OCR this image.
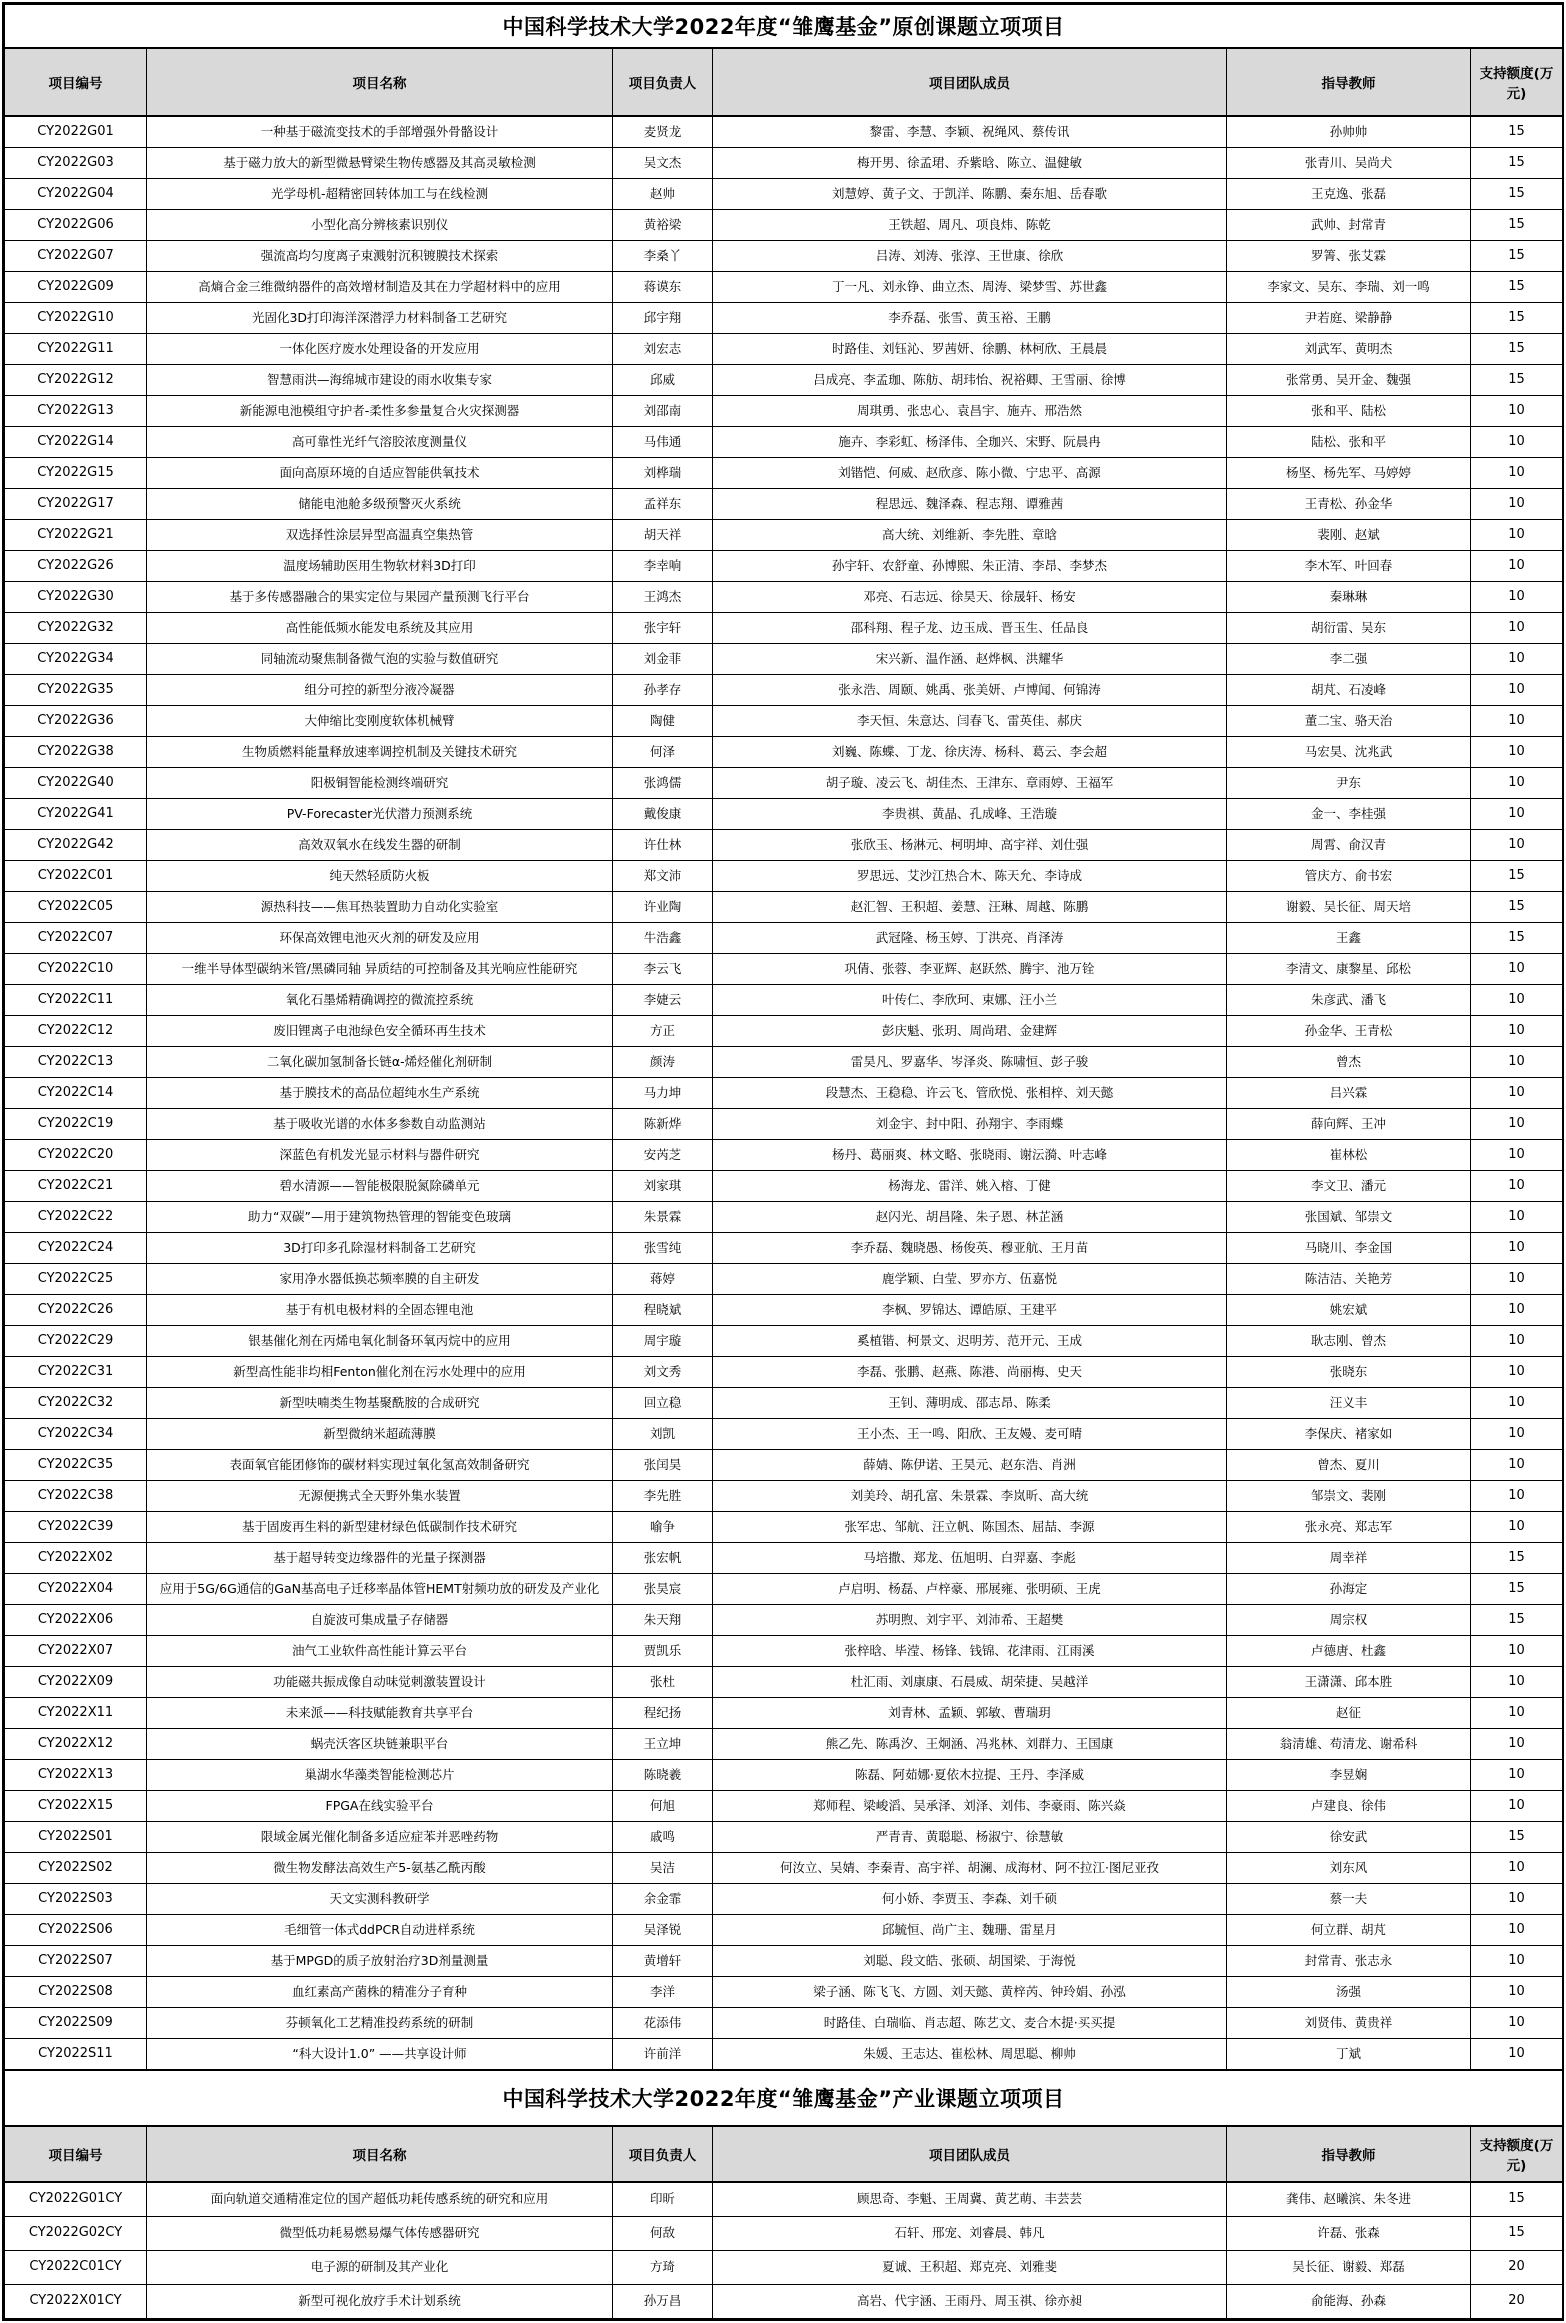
中国科学技术大学2022年度“雏鹰基金”原创课题立项项目					
项目编号	项目名称	项目负责人	项目团队成员	指导教师	支持额度(万元)
CY2022G01	一种基于磁流变技术的手部增强外骨骼设计	麦贤龙	黎雷、李慧、李颖、祝绳风、蔡传讯	孙帅帅	15
CY2022G03	基于磁力放大的新型微悬臂梁生物传感器及其高灵敏检测	吴文杰	梅开男、徐孟珺、乔紫晗、陈立、温健敏	张青川、吴尚犬	15
CY2022G04	光学母机-超精密回转体加工与在线检测	赵帅	刘慧婷、黄子文、于凯洋、陈鹏、秦东旭、岳春歌	王克逸、张磊	15
CY2022G06	小型化高分辨核素识别仪	黄裕梁	王铁超、周凡、项良炜、陈乾	武帅、封常青	15
CY2022G07	强流高均匀度离子束溅射沉积镀膜技术探索	李桑丫	吕涛、刘涛、张淳、王世康、徐欣	罗箐、张艾霖	15
CY2022G09	高熵合金三维微纳器件的高效增材制造及其在力学超材料中的应用	蒋谟东	丁一凡、刘永铮、曲立杰、周涛、梁梦雪、苏世鑫	李家文、吴东、李瑞、刘一鸣	15
CY2022G10	光固化3D打印海洋深潜浮力材料制备工艺研究	邱宇翔	李乔磊、张雪、黄玉裕、王鹏	尹若庭、梁静静	15
CY2022G11	一体化医疗废水处理设备的开发应用	刘宏志	时路佳、刘钰沁、罗茜妍、徐鹏、林柯欣、王晨晨	刘武军、黄明杰	15
CY2022G12	智慧雨洪—海绵城市建设的雨水收集专家	邱威	吕成亮、李孟珈、陈舫、胡玮怡、祝裕卿、王雪丽、徐博	张常勇、吴开金、魏强	15
CY2022G13	新能源电池模组守护者-柔性多参量复合火灾探测器	刘邵南	周琪勇、张忠心、袁昌宇、施卉、邢浩然	张和平、陆松	10
CY2022G14	高可靠性光纤气溶胶浓度测量仪	马伟通	施卉、李彩虹、杨泽伟、全珈兴、宋野、阮晨冉	陆松、张和平	10
CY2022G15	面向高原环境的自适应智能供氧技术	刘桦瑞	刘锴恺、何威、赵欣彦、陈小微、宁忠平、高源	杨坚、杨先军、马婷婷	10
CY2022G17	储能电池舱多级预警灭火系统	孟祥东	程思远、魏泽森、程志翔、谭雅茜	王青松、孙金华	10
CY2022G21	双选择性涂层异型高温真空集热管	胡天祥	高大统、刘维新、李先胜、章晗	裴刚、赵斌	10
CY2022G26	温度场辅助医用生物软材料3D打印	李幸响	孙宇轩、农舒童、孙博熙、朱正清、李昂、李梦杰	李木军、叶回春	10
CY2022G30	基于多传感器融合的果实定位与果园产量预测飞行平台	王鸿杰	邓亮、石志远、徐昊天、徐晟轩、杨安	秦琳琳	10
CY2022G32	高性能低频水能发电系统及其应用	张宇轩	邵科翔、程子龙、边玉成、晋玉生、任品良	胡衍雷、吴东	10
CY2022G34	同轴流动聚焦制备微气泡的实验与数值研究	刘金菲	宋兴新、温作涵、赵烨枫、洪耀华	李二强	10
CY2022G35	组分可控的新型分液冷凝器	孙孝存	张永浩、周颐、姚禹、张美妍、卢博闻、何锦涛	胡芃、石凌峰	10
CY2022G36	大伸缩比变刚度软体机械臂	陶健	李天恒、朱意达、闫春飞、雷英佳、郝庆	董二宝、骆天治	10
CY2022G38	生物质燃料能量释放速率调控机制及关键技术研究	何泽	刘巍、陈蝶、丁龙、徐庆涛、杨科、葛云、李会超	马宏昊、沈兆武	10
CY2022G40	阳极铜智能检测终端研究	张鸿儒	胡子璇、凌云飞、胡佳杰、王津东、章雨婷、王福军	尹东	10
CY2022G41	PV-Forecaster光伏潜力预测系统	戴俊康	李贵祺、黄晶、孔成峰、王浩璇	金一、李桂强	10
CY2022G42	高效双氧水在线发生器的研制	许仕林	张欣玉、杨淋元、柯明坤、高宇祥、刘仕强	周霄、俞汉青	10
CY2022C01	纯天然轻质防火板	郑文沛	罗思远、艾沙江热合木、陈天允、李诗成	管庆方、俞书宏	15
CY2022C05	源热科技——焦耳热装置助力自动化实验室	许业陶	赵汇智、王积超、姜慧、汪琳、周越、陈鹏	谢毅、吴长征、周天培	15
CY2022C07	环保高效锂电池灭火剂的研发及应用	牛浩鑫	武冠隆、杨玉婷、丁洪亮、肖泽涛	王鑫	15
CY2022C10	一维半导体型碳纳米管/黑磷同轴 异质结的可控制备及其光响应性能研究	李云飞	巩倩、张蓉、李亚辉、赵跃然、腾宇、池万铨	李清文、康黎星、邱松	10
CY2022C11	氧化石墨烯精确调控的微流控系统	李婕云	叶传仁、李欣珂、束娜、汪小兰	朱彦武、潘飞	10
CY2022C12	废旧锂离子电池绿色安全循环再生技术	方正	彭庆魁、张玥、周尚珺、金建辉	孙金华、王青松	10
CY2022C13	二氧化碳加氢制备长链α-烯烃催化剂研制	颜涛	雷昊凡、罗嘉华、岑泽炎、陈啸恒、彭子骏	曾杰	10
CY2022C14	基于膜技术的高品位超纯水生产系统	马力坤	段慧杰、王稳稳、许云飞、管欣悦、张相梓、刘天懿	吕兴霖	10
CY2022C19	基于吸收光谱的水体多参数自动监测站	陈新烨	刘金宇、封中阳、孙翔宇、李雨蝶	薛向辉、王冲	10
CY2022C20	深蓝色有机发光显示材料与器件研究	安芮芝	杨丹、葛丽爽、林文略、张晓雨、谢沄漪、叶志峰	崔林松	10
CY2022C21	碧水清源——智能极限脱氮除磷单元	刘家琪	杨海龙、雷洋、姚入榕、丁健	李文卫、潘元	10
CY2022C22	助力“双碳”—用于建筑物热管理的智能变色玻璃	朱景霖	赵闪光、胡昌隆、朱子恩、林芷涵	张国斌、邹崇文	10
CY2022C24	3D打印多孔除湿材料制备工艺研究	张雪纯	李乔磊、魏晓愚、杨俊英、穆亚航、王月苗	马晓川、李金国	10
CY2022C25	家用净水器低换芯频率膜的自主研发	蒋婷	鹿学颖、白莹、罗亦方、伍嘉悦	陈洁洁、关艳芳	10
CY2022C26	基于有机电极材料的全固态锂电池	程晓斌	李枫、罗锦达、谭皓原、王建平	姚宏斌	10
CY2022C29	银基催化剂在丙烯电氧化制备环氧丙烷中的应用	周宇璇	奚植锴、柯景文、迟明芳、范开元、王成	耿志刚、曾杰	10
CY2022C31	新型高性能非均相Fenton催化剂在污水处理中的应用	刘文秀	李磊、张鹏、赵燕、陈港、尚丽梅、史天	张晓东	10
CY2022C32	新型呋喃类生物基聚酰胺的合成研究	回立稳	王钊、薄明成、邵志昂、陈柔	汪义丰	10
CY2022C34	新型微纳米超疏薄膜	刘凯	王小杰、王一鸣、阳欣、王友嫚、麦可晴	李保庆、褚家如	10
CY2022C35	表面氧官能团修饰的碳材料实现过氧化氢高效制备研究	张闰昊	薛婧、陈伊诺、王昊元、赵东浩、肖洲	曾杰、夏川	10
CY2022C38	无源便携式全天野外集水装置	李先胜	刘美玲、胡孔富、朱景霖、李岚昕、高大统	邹崇文、裴刚	10
CY2022C39	基于固废再生料的新型建材绿色低碳制作技术研究	喻争	张军忠、邹航、汪立帆、陈国杰、屈喆、李源	张永亮、郑志军	10
CY2022X02	基于超导转变边缘器件的光量子探测器	张宏帆	马培撒、郑龙、伍旭明、白羿嘉、李彪	周幸祥	15
CY2022X04	应用于5G/6G通信的GaN基高电子迁移率晶体管HEMT射频功放的研发及产业化	张昊宸	卢启明、杨磊、卢梓豪、邢展雍、张明硕、王虎	孙海定	15
CY2022X06	自旋波可集成量子存储器	朱天翔	苏明煦、刘宇平、刘沛希、王超樊	周宗权	15
CY2022X07	油气工业软件高性能计算云平台	贾凯乐	张梓晗、毕滢、杨锋、钱锦、花津雨、江雨溪	卢德唐、杜鑫	10
CY2022X09	功能磁共振成像自动味觉刺激装置设计	张杜	杜汇雨、刘康康、石晨威、胡荣捷、吴越洋	王潇潇、邱本胜	10
CY2022X11	未来派——科技赋能教育共享平台	程纪扬	刘青林、孟颖、郭敏、曹瑞玥	赵征	10
CY2022X12	蜗壳沃客区块链兼职平台	王立坤	熊乙先、陈禹汐、王炯涵、冯兆林、刘群力、王国康	翁清雄、苟清龙、谢希科	10
CY2022X13	巢湖水华藻类智能检测芯片	陈晓羲	陈磊、阿茹娜·夏依木拉提、王丹、李泽威	李昱娴	10
CY2022X15	FPGA在线实验平台	何旭	郑师程、梁峻滔、吴承泽、刘泽、刘伟、李豪雨、陈兴焱	卢建良、徐伟	10
CY2022S01	限域金属光催化制备多适应症苯并恶唑药物	戚鸣	严青青、黄聪聪、杨淑宁、徐慧敏	徐安武	15
CY2022S02	微生物发酵法高效生产5-氨基乙酰丙酸	吴洁	何汝立、吴婧、李秦青、高宇祥、胡澜、成海材、阿不拉江·图尼亚孜	刘东风	10
CY2022S03	天文实测科教研学	余金霏	何小娇、李贾玉、李森、刘千硕	蔡一夫	10
CY2022S06	毛细管一体式ddPCR自动进样系统	吴泽锐	邱毓恒、尚广主、魏珊、雷星月	何立群、胡芃	10
CY2022S07	基于MPGD的质子放射治疗3D剂量测量	黄增轩	刘聪、段文皓、张硕、胡国梁、于海悦	封常青、张志永	10
CY2022S08	血红素高产菌株的精准分子育种	李洋	梁子涵、陈飞飞、方圆、刘天懿、黄梓芮、钟玲娟、孙泓	汤强	10
CY2022S09	芬顿氧化工艺精准投药系统的研制	花添伟	时路佳、白瑞临、肖志超、陈艺文、麦合木提·买买提	刘贤伟、黄贵祥	10
CY2022S11	“科大设计1.0” ——共享设计师	许前洋	朱媛、王志达、崔松林、周思聪、柳帅	丁斌	10
中国科学技术大学2022年度“雏鹰基金”产业课题立项项目					
项目编号	项目名称	项目负责人	项目团队成员	指导教师	支持额度(万元)
CY2022G01CY	面向轨道交通精准定位的国产超低功耗传感系统的研究和应用	印昕	顾思奇、李魁、王周冀、黄艺萌、丰芸芸	龚伟、赵曦滨、朱冬进	15
CY2022G02CY	微型低功耗易燃易爆气体传感器研究	何敌	石轩、邢宠、刘睿晨、韩凡	许磊、张森	15
CY2022C01CY	电子源的研制及其产业化	方琦	夏诚、王积超、郑克亮、刘雅斐	吴长征、谢毅、郑磊	20
CY2022X01CY	新型可视化放疗手术计划系统	孙万昌	高岩、代宇涵、王雨丹、周玉祺、徐亦昶	俞能海、孙森	20
